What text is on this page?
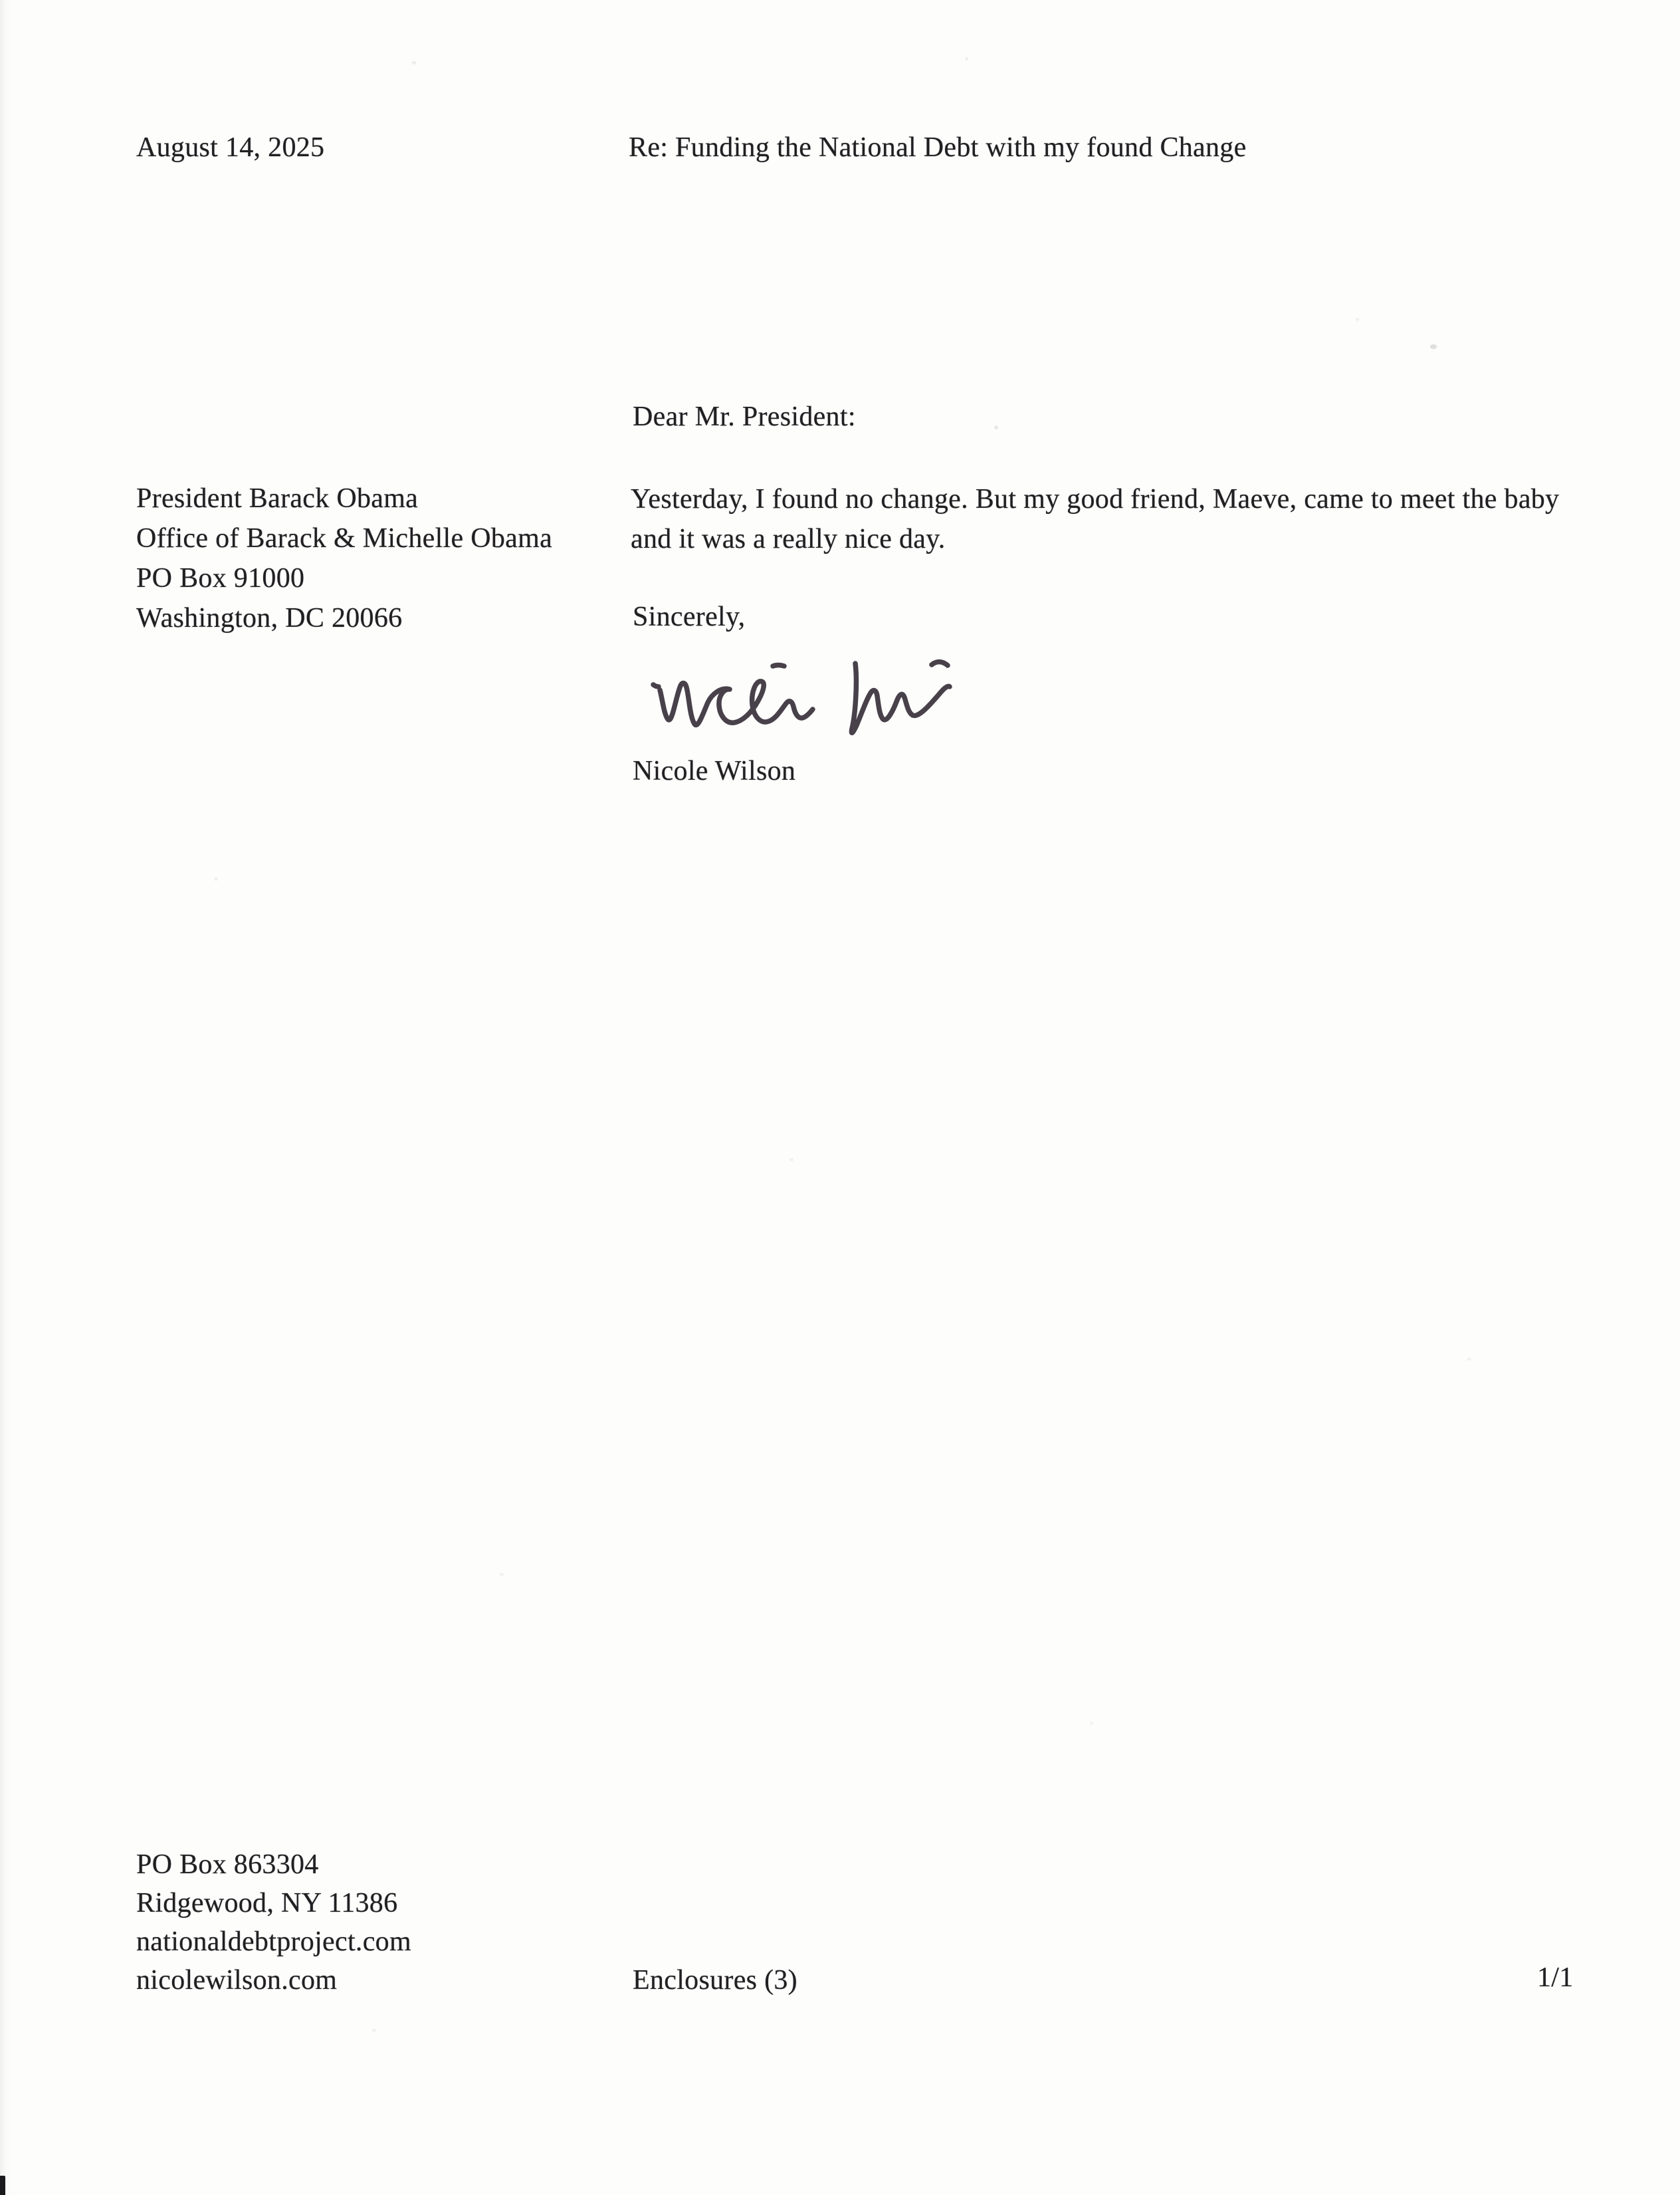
August 14, 2025	Re: Funding the National Debt with my found Change
Dear Mr. President:
President Barack Obama
Office of Barack & Michelle Obama
PO Box 91000
Washington, DC 20066
Yesterday, I found no change. But my good friend, Maeve, came to meet the baby
and it was a really nice day.
Sincerely,
Nicole Wilson
PO Box 863304
Ridgewood, NY 11386
nationaldebtproject.com
nicolewilson.com	Enclosures (3)	1/1
